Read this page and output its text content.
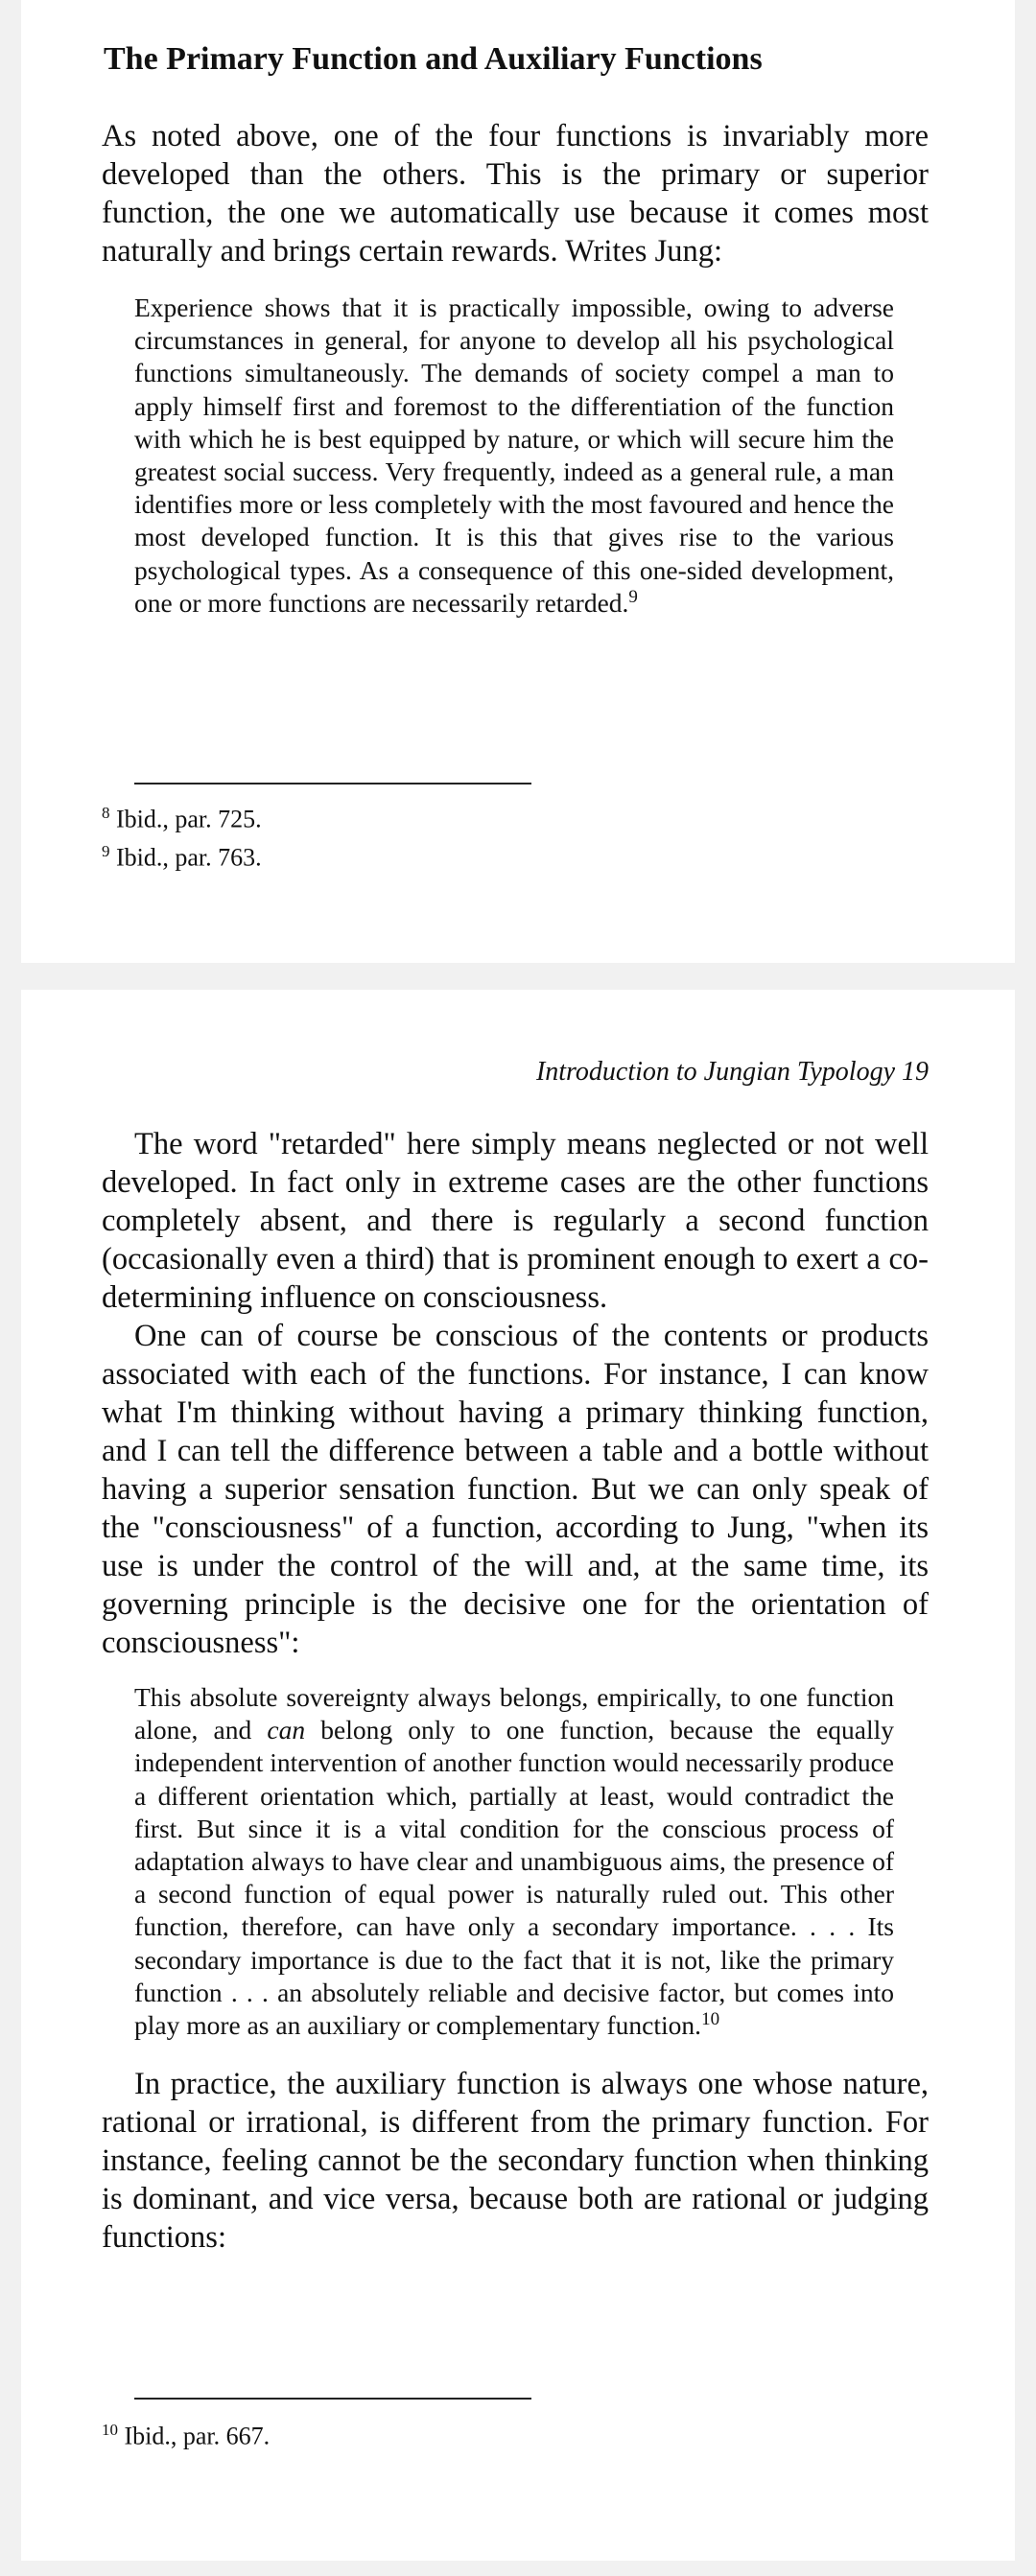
The Primary Function and Auxiliary Functions

As noted above, one of the four functions is invariably more developed than the others. This is the primary or superior function, the one we automatically use because it comes most naturally and brings certain rewards. Writes Jung:

Experience shows that it is practically impossible, owing to adverse circumstances in general, for anyone to develop all his psychological functions simultaneously. The demands of society compel a man to apply himself first and foremost to the differentiation of the function with which he is best equipped by nature, or which will secure him the greatest social success. Very frequently, indeed as a general rule, a man identifies more or less completely with the most favoured and hence the most developed function. It is this that gives rise to the various psychological types. As a consequence of this one-sided development, one or more functions are necessarily retarded.$^9$

$^8$ Ibid., par. 725.
$^9$ Ibid., par. 763.
Introduction to Jungian Typology 19

The word "retarded" here simply means neglected or not well developed. In fact only in extreme cases are the other functions completely absent, and there is regularly a second function (occasionally even a third) that is prominent enough to exert a co-determining influence on consciousness.

One can of course be conscious of the contents or products associated with each of the functions. For instance, I can know what I'm thinking without having a primary thinking function, and I can tell the difference between a table and a bottle without having a superior sensation function. But we can only speak of the "consciousness" of a function, according to Jung, "when its use is under the control of the will and, at the same time, its governing principle is the decisive one for the orientation of consciousness":

This absolute sovereignty always belongs, empirically, to one function alone, and can belong only to one function, because the equally independent intervention of another function would necessarily produce a different orientation which, partially at least, would contradict the first. But since it is a vital condition for the conscious process of adaptation always to have clear and unambiguous aims, the presence of a second function of equal power is naturally ruled out. This other function, therefore, can have only a secondary importance. . . . Its secondary importance is due to the fact that it is not, like the primary function . . . an absolutely reliable and decisive factor, but comes into play more as an auxiliary or complementary function.$^{10}$

In practice, the auxiliary function is always one whose nature, rational or irrational, is different from the primary function. For instance, feeling cannot be the secondary function when thinking is dominant, and vice versa, because both are rational or judging functions:

$^{10}$ Ibid., par. 667.
